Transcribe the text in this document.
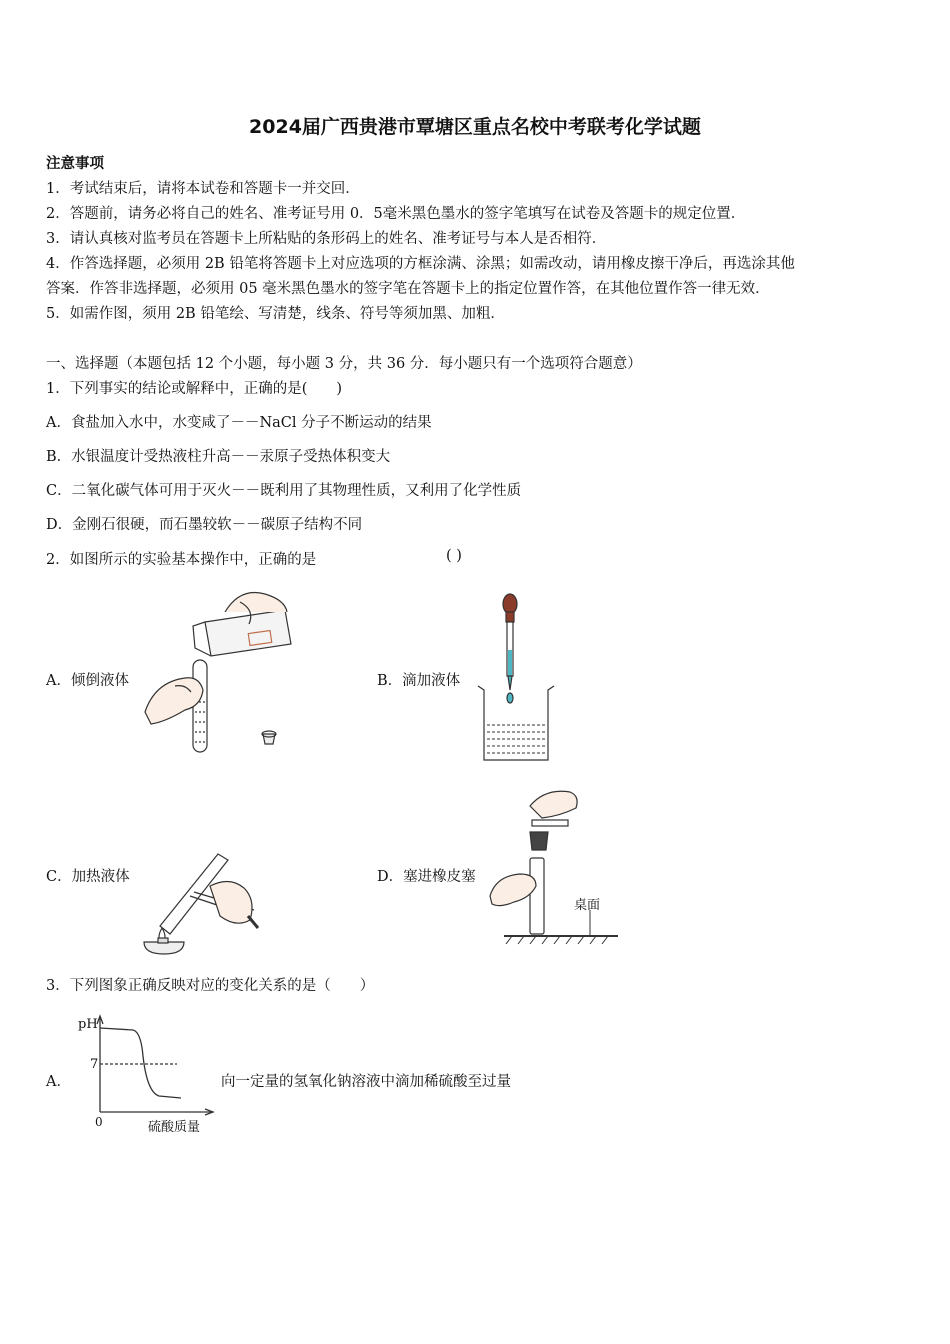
2024届广西贵港市覃塘区重点名校中考联考化学试题
注意事项
1．考试结束后，请将本试卷和答题卡一并交回．
2．答题前，请务必将自己的姓名、准考证号用 0．5毫米黑色墨水的签字笔填写在试卷及答题卡的规定位置．
3．请认真核对监考员在答题卡上所粘贴的条形码上的姓名、准考证号与本人是否相符．
4．作答选择题，必须用 2B 铅笔将答题卡上对应选项的方框涂满、涂黑；如需改动，请用橡皮擦干净后，再选涂其他
答案．作答非选择题，必须用 05 毫米黑色墨水的签字笔在答题卡上的指定位置作答，在其他位置作答一律无效．
5．如需作图，须用 2B 铅笔绘、写清楚，线条、符号等须加黑、加粗．
一、选择题（本题包括 12 个小题，每小题 3 分，共 36 分．每小题只有一个选项符合题意）
1．下列事实的结论或解释中，正确的是(　　)
A．食盐加入水中，水变咸了－－NaCl 分子不断运动的结果
B．水银温度计受热液柱升高－－汞原子受热体积变大
C．二氧化碳气体可用于灭火－－既利用了其物理性质，又利用了化学性质
D．金刚石很硬，而石墨较软－－碳原子结构不同
2．如图所示的实验基本操作中，正确的是	( )
A．倾倒液体	B．滴加液体
C．加热液体	D．塞进橡皮塞
桌面
3．下列图象正确反映对应的变化关系的是（　　）
A．	向一定量的氢氧化钠溶液中滴加稀硫酸至过量
pH
7
0	硫酸质量
